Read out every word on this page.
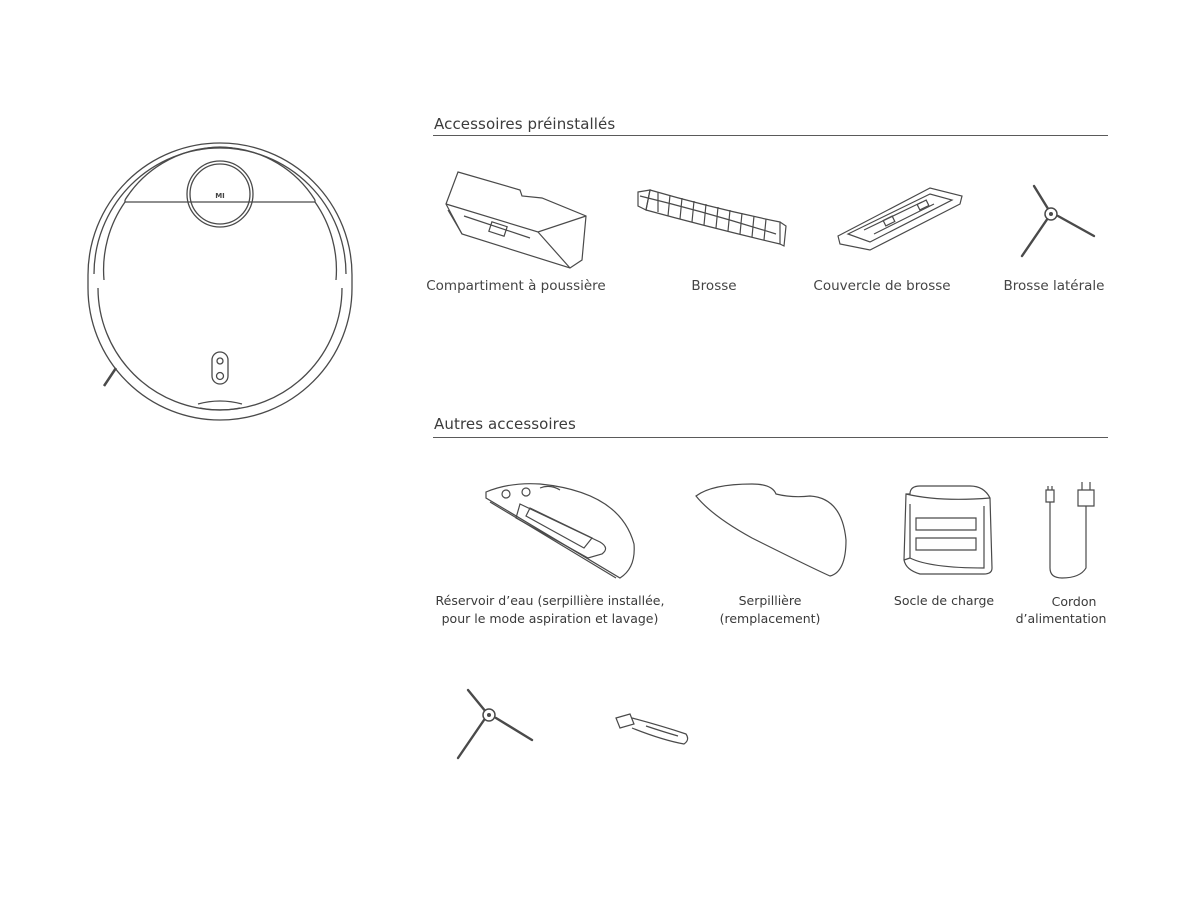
MI
Accessoires préinstallés
Compartiment à poussière	Brosse	Couvercle de brosse	Brosse latérale
Autres accessoires
Réservoir d’eau (serpillière installée,
pour le mode aspiration et lavage)
Serpillière
(remplacement)
Socle de charge	Cordon
d’alimentation
